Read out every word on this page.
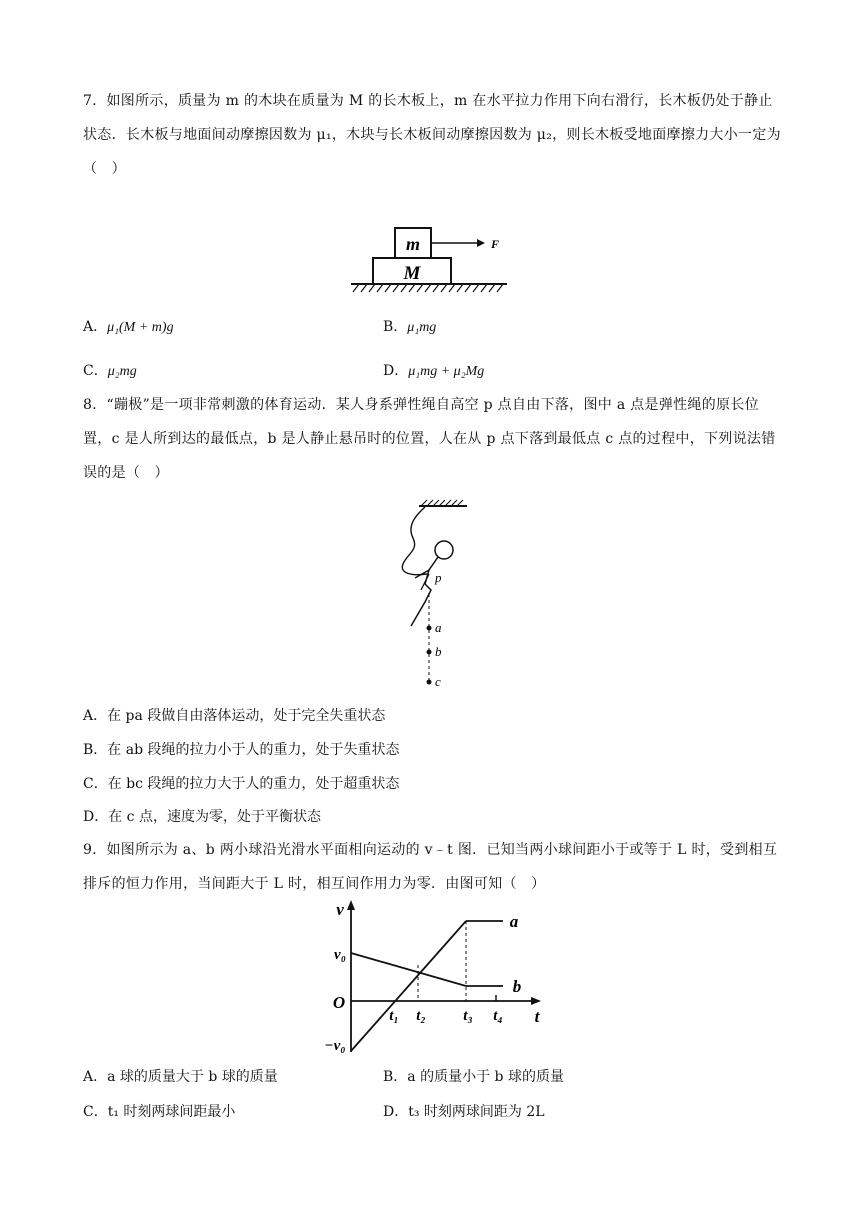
7．如图所示，质量为 m 的木块在质量为 M 的长木板上，m 在水平拉力作用下向右滑行，长木板仍处于静止状态．长木板与地面间动摩擦因数为 μ₁，木块与长木板间动摩擦因数为 μ₂，则长木板受地面摩擦力大小一定为（　）
m
M
F
A．μ₁(M + m)g	B．μ₁mg
C．μ₂mg	D．μ₁mg + μ₂Mg
8．“蹦极”是一项非常刺激的体育运动．某人身系弹性绳自高空 p 点自由下落，图中 a 点是弹性绳的原长位置，c 是人所到达的最低点，b 是人静止悬吊时的位置，人在从 p 点下落到最低点 c 点的过程中，下列说法错误的是（　）
p
a
b
c
A．在 pa 段做自由落体运动，处于完全失重状态
B．在 ab 段绳的拉力小于人的重力，处于失重状态
C．在 bc 段绳的拉力大于人的重力，处于超重状态
D．在 c 点，速度为零，处于平衡状态
9．如图所示为 a、b 两小球沿光滑水平面相向运动的 v﹣t 图．已知当两小球间距小于或等于 L 时，受到相互排斥的恒力作用，当间距大于 L 时，相互间作用力为零．由图可知（　）
v
t
O
v₀
−v₀
a
b
t₁ t₂	t₃ t₄
A．a 球的质量大于 b 球的质量	B．a 的质量小于 b 球的质量
C．t₁ 时刻两球间距最小	D．t₃ 时刻两球间距为 2L
